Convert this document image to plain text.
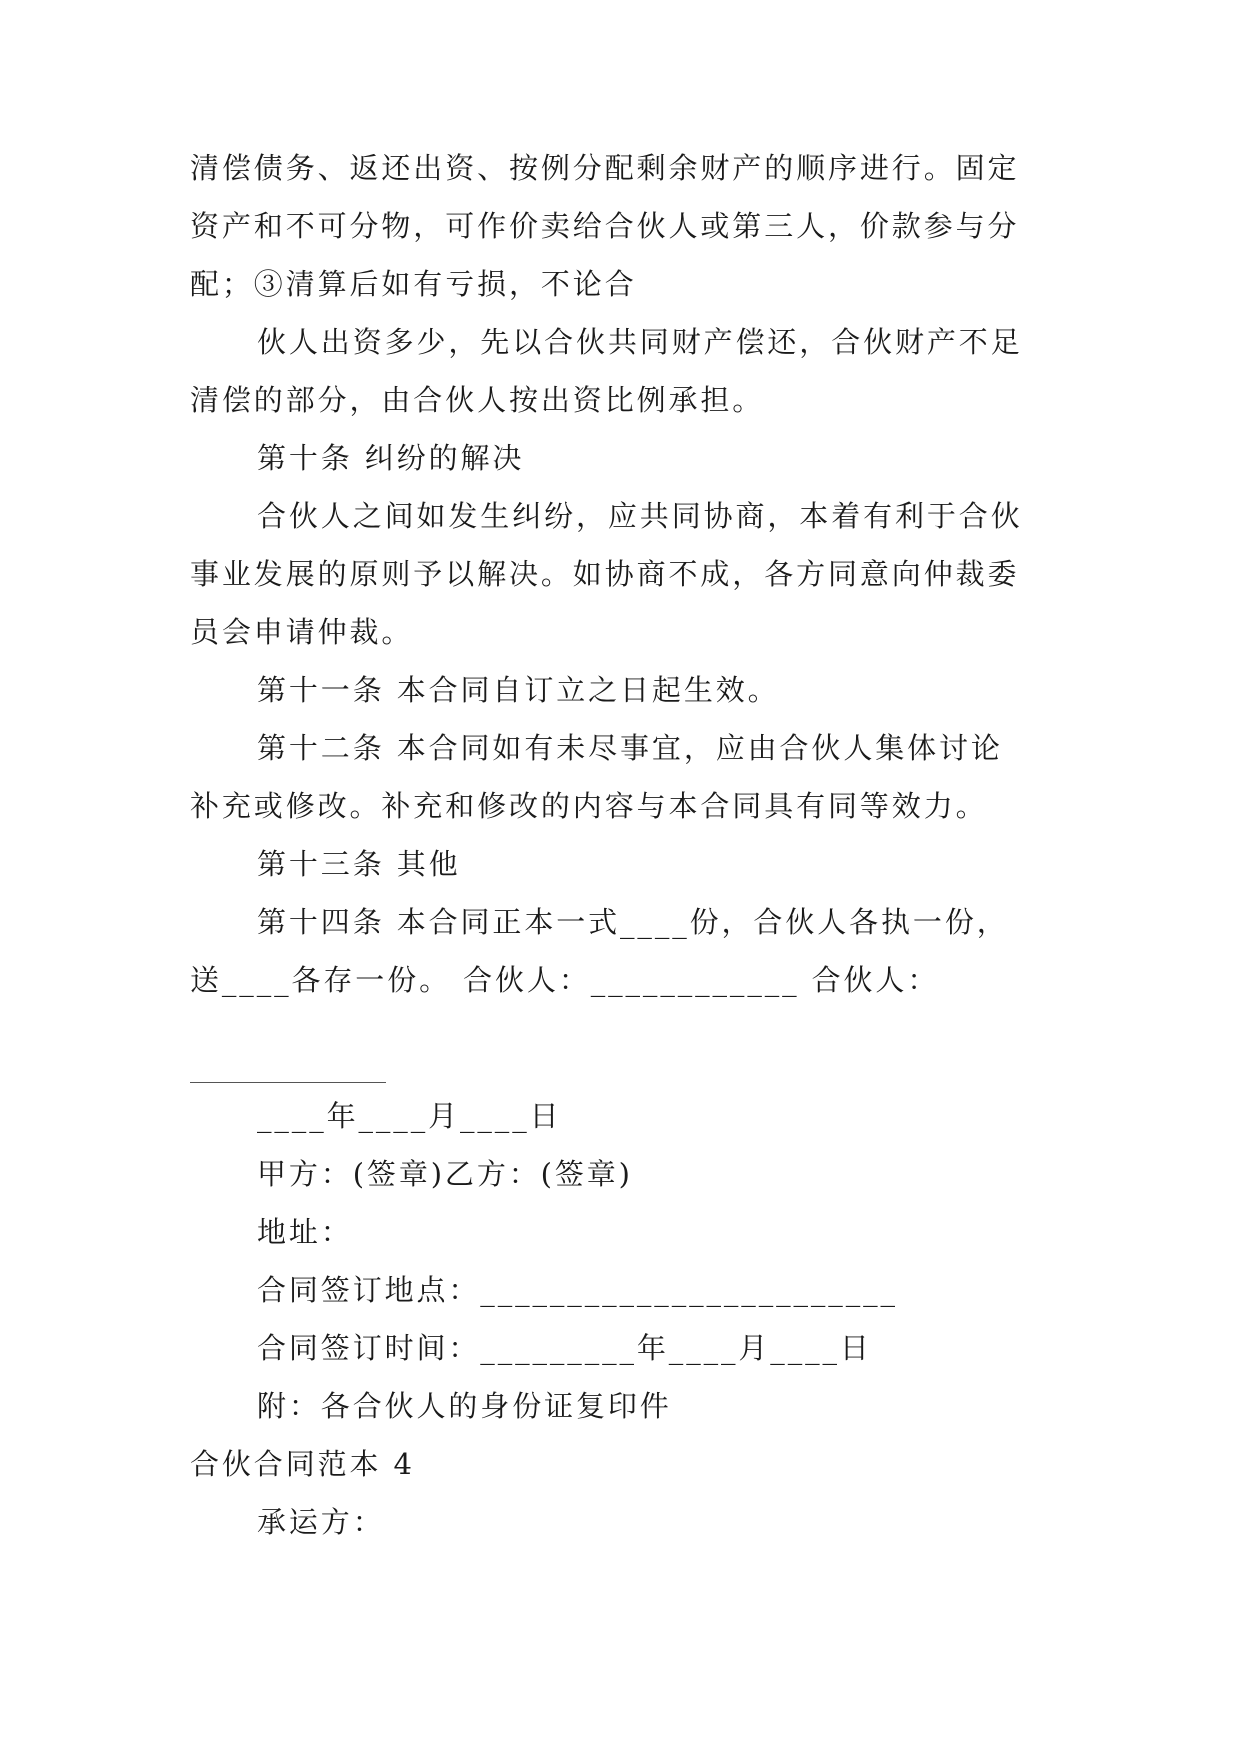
清偿债务、返还出资、按例分配剩余财产的顺序进行。固定
资产和不可分物，可作价卖给合伙人或第三人，价款参与分
配；③清算后如有亏损，不论合
伙人出资多少，先以合伙共同财产偿还，合伙财产不足
清偿的部分，由合伙人按出资比例承担。
第十条 纠纷的解决
合伙人之间如发生纠纷，应共同协商，本着有利于合伙
事业发展的原则予以解决。如协商不成，各方同意向仲裁委
员会申请仲裁。
第十一条 本合同自订立之日起生效。
第十二条 本合同如有未尽事宜，应由合伙人集体讨论
补充或修改。补充和修改的内容与本合同具有同等效力。
第十三条 其他
第十四条 本合同正本一式____份，合伙人各执一份，
送____各存一份。 合伙人：____________ 合伙人：
____年____月____日
甲方：(签章)乙方：(签章)
地址：
合同签订地点：________________________
合同签订时间：_________年____月____日
附：各合伙人的身份证复印件
合伙合同范本 4
承运方：
